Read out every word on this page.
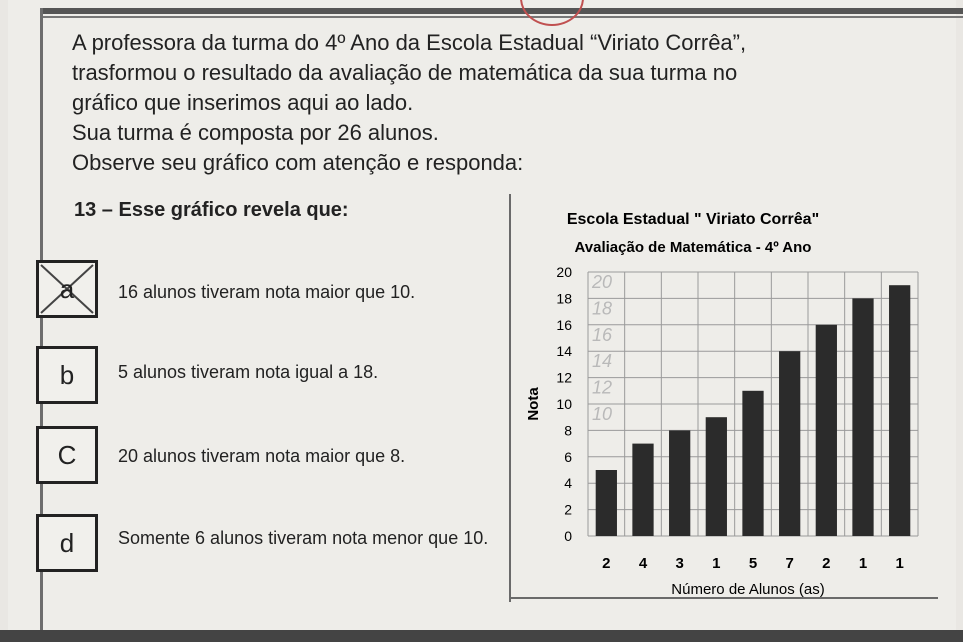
A professora da turma do 4º Ano da Escola Estadual “Viriato Corrêa”,

trasformou o resultado da avaliação de matemática da sua turma no

gráfico que inserimos aqui ao lado.

Sua turma é composta por 26 alunos.

Observe seu gráfico com atenção e responda:

13 – Esse gráfico revela que:
a 16 alunos tiveram nota maior que 10.
b 5 alunos tiveram nota igual a 18.
C 20 alunos tiveram nota maior que 8.
d Somente 6 alunos tiveram nota menor que 10.
Escola Estadual " Viriato Corrêa"
Avaliação de Matemática - 4º Ano
Nota
Número de Alunos (as)
0
2
4
6
8
10
12
14
16
18
20
2 4 3 1 5 7 2 1 1
20
18
16
14
12
10
